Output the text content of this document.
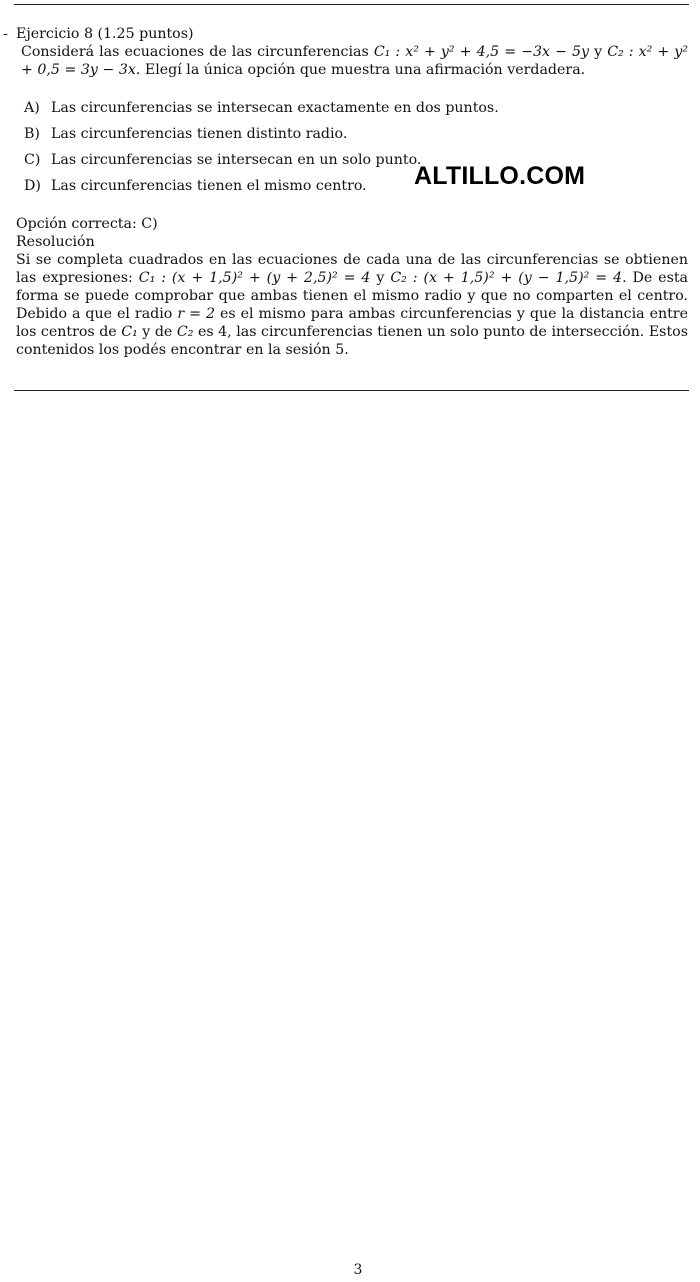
- Ejercicio 8 (1.25 puntos)

Considerá las ecuaciones de las circunferencias C₁ : x² + y² + 4,5 = −3x − 5y y C₂ : x² + y² + 0,5 = 3y − 3x. Elegí la única opción que muestra una afirmación verdadera.

A) Las circunferencias se intersecan exactamente en dos puntos.
B) Las circunferencias tienen distinto radio.
C) Las circunferencias se intersecan en un solo punto.
D) Las circunferencias tienen el mismo centro.	ALTILLO.COM

Opción correcta: C)

Resolución

Si se completa cuadrados en las ecuaciones de cada una de las circunferencias se obtienen las expresiones: C₁ : (x + 1,5)² + (y + 2,5)² = 4 y C₂ : (x + 1,5)² + (y − 1,5)² = 4. De esta forma se puede comprobar que ambas tienen el mismo radio y que no comparten el centro. Debido a que el radio r = 2 es el mismo para ambas circunferencias y que la distancia entre los centros de C₁ y de C₂ es 4, las circunferencias tienen un solo punto de intersección. Estos contenidos los podés encontrar en la sesión 5.

3
